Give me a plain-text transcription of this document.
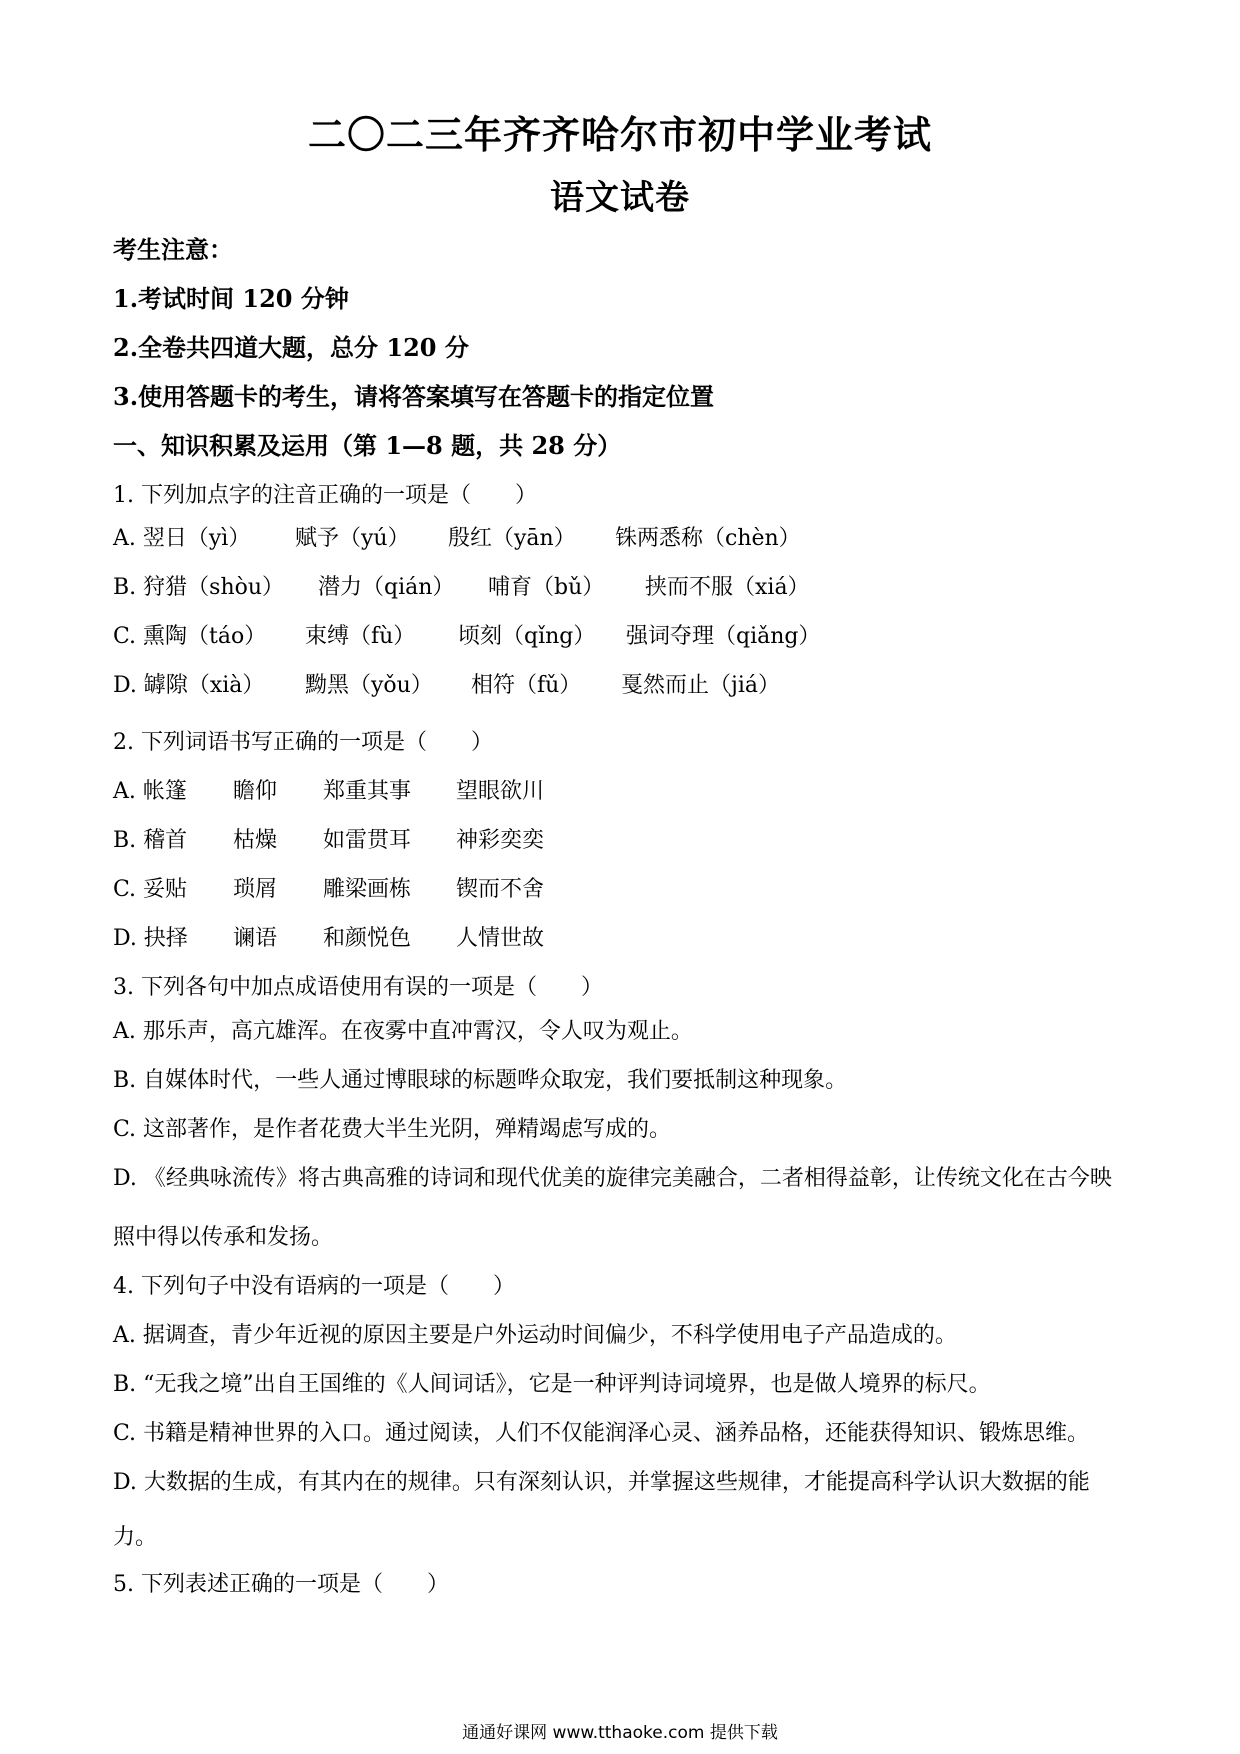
二〇二三年齐齐哈尔市初中学业考试
语文试卷
考生注意：
1.考试时间 120 分钟
2.全卷共四道大题，总分 120 分
3.使用答题卡的考生，请将答案填写在答题卡的指定位置
一、知识积累及运用（第 1—8 题，共 28 分）
1. 下列加点字的注音正确的一项是（　　）
A. 翌日（yì） 赋予（yú） 殷红（yān） 铢两悉称（chèn）
B. 狩猎（shòu） 潜力（qián） 哺育（bǔ） 挟而不服（xiá）
C. 熏陶（táo） 束缚（fù） 顷刻（qǐng） 强词夺理（qiǎng）
D. 罅隙（xià） 黝黑（yǒu） 相符（fǔ） 戛然而止（jiá）
2. 下列词语书写正确的一项是（　　）
A. 帐篷 瞻仰 郑重其事 望眼欲川
B. 稽首 枯燥 如雷贯耳 神彩奕奕
C. 妥贴 琐屑 雕梁画栋 锲而不舍
D. 抉择 谰语 和颜悦色 人情世故
3. 下列各句中加点成语使用有误的一项是（　　）
A. 那乐声，高亢雄浑。在夜雾中直冲霄汉，令人叹为观止。
B. 自媒体时代，一些人通过博眼球的标题哗众取宠，我们要抵制这种现象。
C. 这部著作，是作者花费大半生光阴，殚精竭虑写成的。
D. 《经典咏流传》将古典高雅的诗词和现代优美的旋律完美融合，二者相得益彰，让传统文化在古今映
照中得以传承和发扬。
4. 下列句子中没有语病的一项是（　　）
A. 据调查，青少年近视的原因主要是户外运动时间偏少，不科学使用电子产品造成的。
B. “无我之境”出自王国维的《人间词话》，它是一种评判诗词境界，也是做人境界的标尺。
C. 书籍是精神世界的入口。通过阅读，人们不仅能润泽心灵、涵养品格，还能获得知识、锻炼思维。
D. 大数据的生成，有其内在的规律。只有深刻认识，并掌握这些规律，才能提高科学认识大数据的能
力。
5. 下列表述正确的一项是（　　）
通通好课网 www.tthaoke.com 提供下载
